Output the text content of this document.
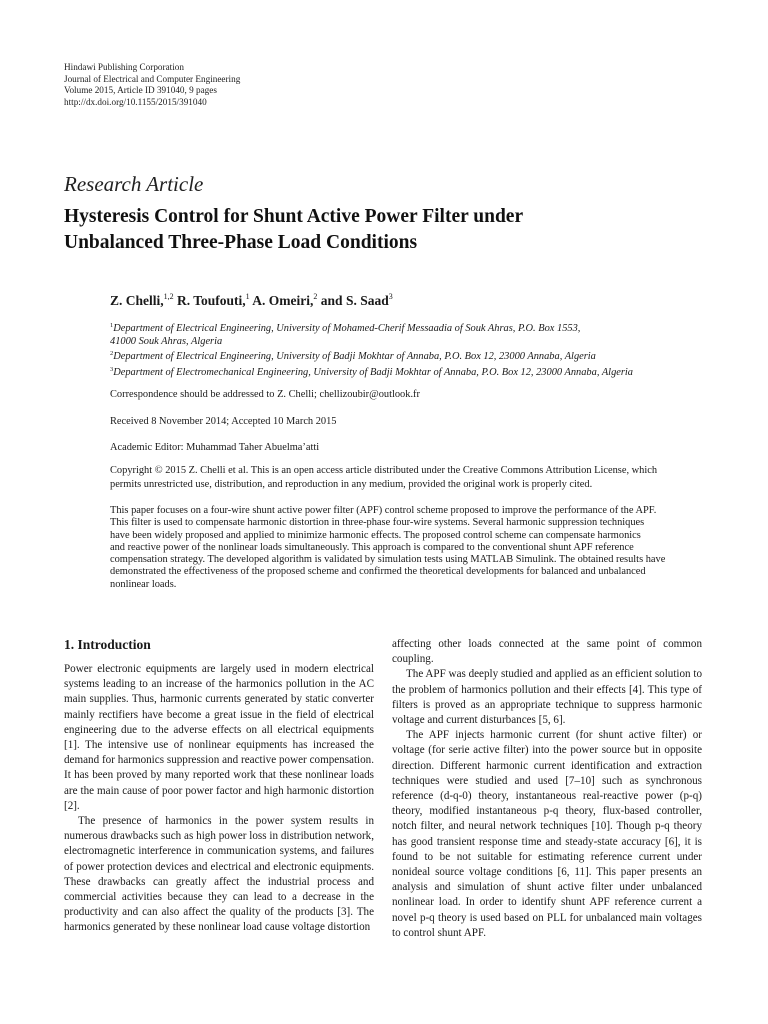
Hindawi Publishing Corporation
Journal of Electrical and Computer Engineering
Volume 2015, Article ID 391040, 9 pages
http://dx.doi.org/10.1155/2015/391040
Research Article
Hysteresis Control for Shunt Active Power Filter under
Unbalanced Three-Phase Load Conditions
Z. Chelli,$^{1,2}$ R. Toufouti,$^1$ A. Omeiri,$^2$ and S. Saad$^3$
$^1$Department of Electrical Engineering, University of Mohamed-Cherif Messaadia of Souk Ahras, P.O. Box 1553,
41000 Souk Ahras, Algeria
$^2$Department of Electrical Engineering, University of Badji Mokhtar of Annaba, P.O. Box 12, 23000 Annaba, Algeria
$^3$Department of Electromechanical Engineering, University of Badji Mokhtar of Annaba, P.O. Box 12, 23000 Annaba, Algeria
Correspondence should be addressed to Z. Chelli; chellizoubir@outlook.fr
Received 8 November 2014; Accepted 10 March 2015
Academic Editor: Muhammad Taher Abuelma’atti
Copyright © 2015 Z. Chelli et al. This is an open access article distributed under the Creative Commons Attribution License, which
permits unrestricted use, distribution, and reproduction in any medium, provided the original work is properly cited.
This paper focuses on a four-wire shunt active power filter (APF) control scheme proposed to improve the performance of the APF.
This filter is used to compensate harmonic distortion in three-phase four-wire systems. Several harmonic suppression techniques
have been widely proposed and applied to minimize harmonic effects. The proposed control scheme can compensate harmonics
and reactive power of the nonlinear loads simultaneously. This approach is compared to the conventional shunt APF reference
compensation strategy. The developed algorithm is validated by simulation tests using MATLAB Simulink. The obtained results have
demonstrated the effectiveness of the proposed scheme and confirmed the theoretical developments for balanced and unbalanced
nonlinear loads.
1. Introduction

Power electronic equipments are largely used in modern electrical systems leading to an increase of the harmonics pollution in the AC main supplies. Thus, harmonic currents generated by static converter mainly rectifiers have become a great issue in the field of electrical engineering due to the adverse effects on all electrical equipments [1]. The intensive use of nonlinear equipments has increased the demand for harmonics suppression and reactive power compensation. It has been proved by many reported work that these nonlinear loads are the main cause of poor power factor and high harmonic distortion [2].

The presence of harmonics in the power system results in numerous drawbacks such as high power loss in distribution network, electromagnetic interference in communication systems, and failures of power protection devices and electrical and electronic equipments. These drawbacks can greatly affect the industrial process and commercial activities because they can lead to a decrease in the productivity and can also affect the quality of the products [3]. The harmonics generated by these nonlinear load cause voltage distortion

affecting other loads connected at the same point of common coupling.

The APF was deeply studied and applied as an efficient solution to the problem of harmonics pollution and their effects [4]. This type of filters is proved as an appropriate technique to suppress harmonic voltage and current disturbances [5, 6].

The APF injects harmonic current (for shunt active filter) or voltage (for serie active filter) into the power source but in opposite direction. Different harmonic current identification and extraction techniques were studied and used [7–10] such as synchronous reference (d-q-0) theory, instantaneous real-reactive power (p-q) theory, modified instantaneous p-q theory, flux-based controller, notch filter, and neural network techniques [10]. Though p-q theory has good transient response time and steady-state accuracy [6], it is found to be not suitable for estimating reference current under nonideal source voltage conditions [6, 11]. This paper presents an analysis and simulation of shunt active filter under unbalanced nonlinear load. In order to identify shunt APF reference current a novel p-q theory is used based on PLL for unbalanced main voltages to control shunt APF.
